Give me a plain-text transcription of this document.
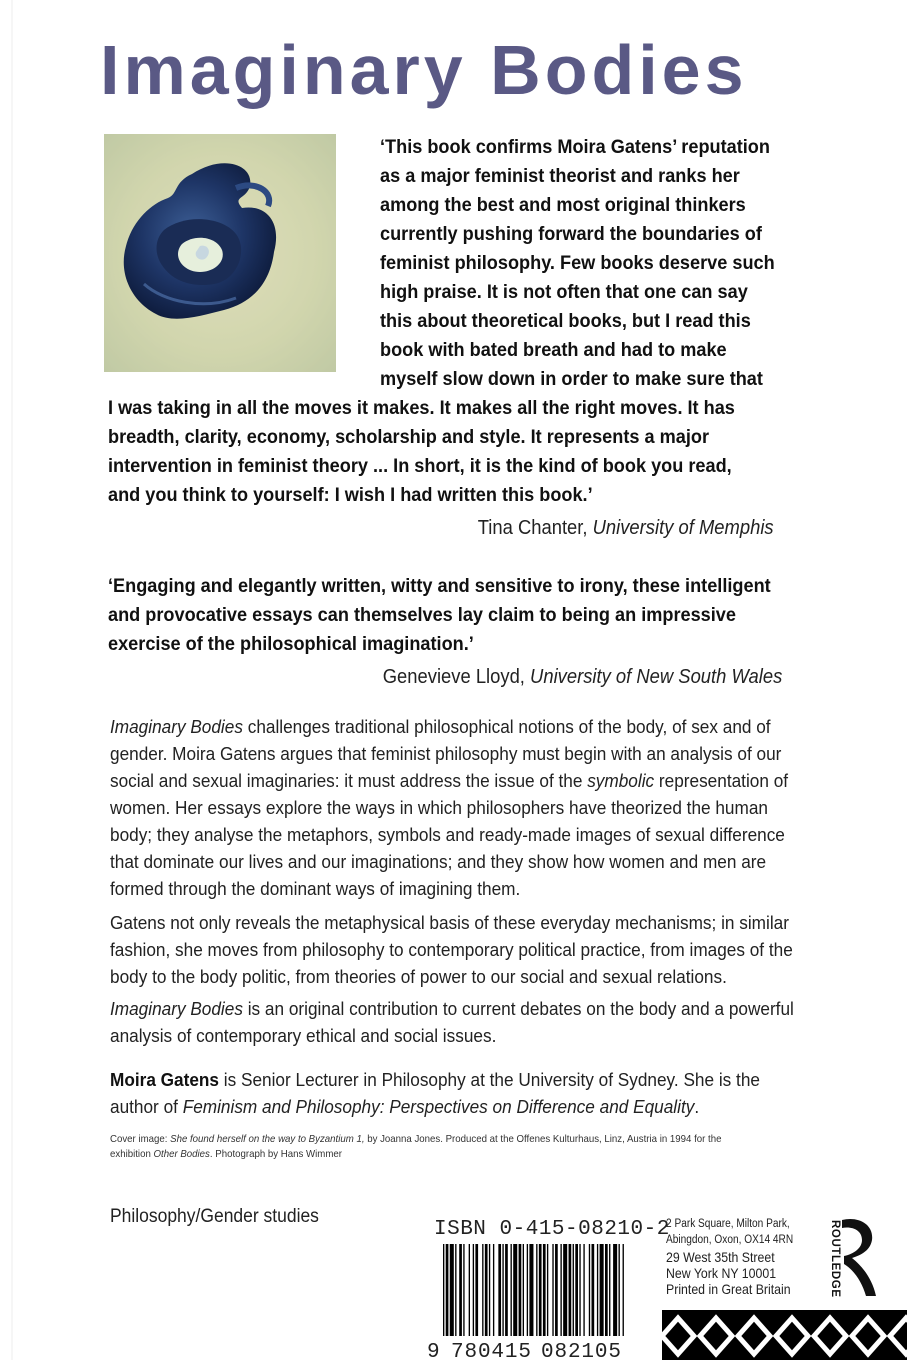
Imaginary Bodies
‘This book confirms Moira Gatens’ reputation
as a major feminist theorist and ranks her
among the best and most original thinkers
currently pushing forward the boundaries of
feminist philosophy. Few books deserve such
high praise. It is not often that one can say
this about theoretical books, but I read this
book with bated breath and had to make
myself slow down in order to make sure that
I was taking in all the moves it makes. It makes all the right moves. It has
breadth, clarity, economy, scholarship and style. It represents a major
intervention in feminist theory ... In short, it is the kind of book you read,
and you think to yourself: I wish I had written this book.’
Tina Chanter, University of Memphis
‘Engaging and elegantly written, witty and sensitive to irony, these intelligent
and provocative essays can themselves lay claim to being an impressive
exercise of the philosophical imagination.’
Genevieve Lloyd, University of New South Wales
Imaginary Bodies challenges traditional philosophical notions of the body, of sex and of
gender. Moira Gatens argues that feminist philosophy must begin with an analysis of our
social and sexual imaginaries: it must address the issue of the symbolic representation of
women. Her essays explore the ways in which philosophers have theorized the human
body; they analyse the metaphors, symbols and ready-made images of sexual difference
that dominate our lives and our imaginations; and they show how women and men are
formed through the dominant ways of imagining them.
Gatens not only reveals the metaphysical basis of these everyday mechanisms; in similar
fashion, she moves from philosophy to contemporary political practice, from images of the
body to the body politic, from theories of power to our social and sexual relations.
Imaginary Bodies is an original contribution to current debates on the body and a powerful
analysis of contemporary ethical and social issues.
Moira Gatens is Senior Lecturer in Philosophy at the University of Sydney. She is the
author of Feminism and Philosophy: Perspectives on Difference and Equality.
Cover image: She found herself on the way to Byzantium 1, by Joanna Jones. Produced at the Offenes Kulturhaus, Linz, Austria in 1994 for the
exhibition Other Bodies. Photograph by Hans Wimmer
Philosophy/Gender studies
ISBN 0-415-08210-2
9 780415 082105
2 Park Square, Milton Park,
Abingdon, Oxon, OX14 4RN
29 West 35th Street
New York NY 10001
Printed in Great Britain	ROUTLEDGE
